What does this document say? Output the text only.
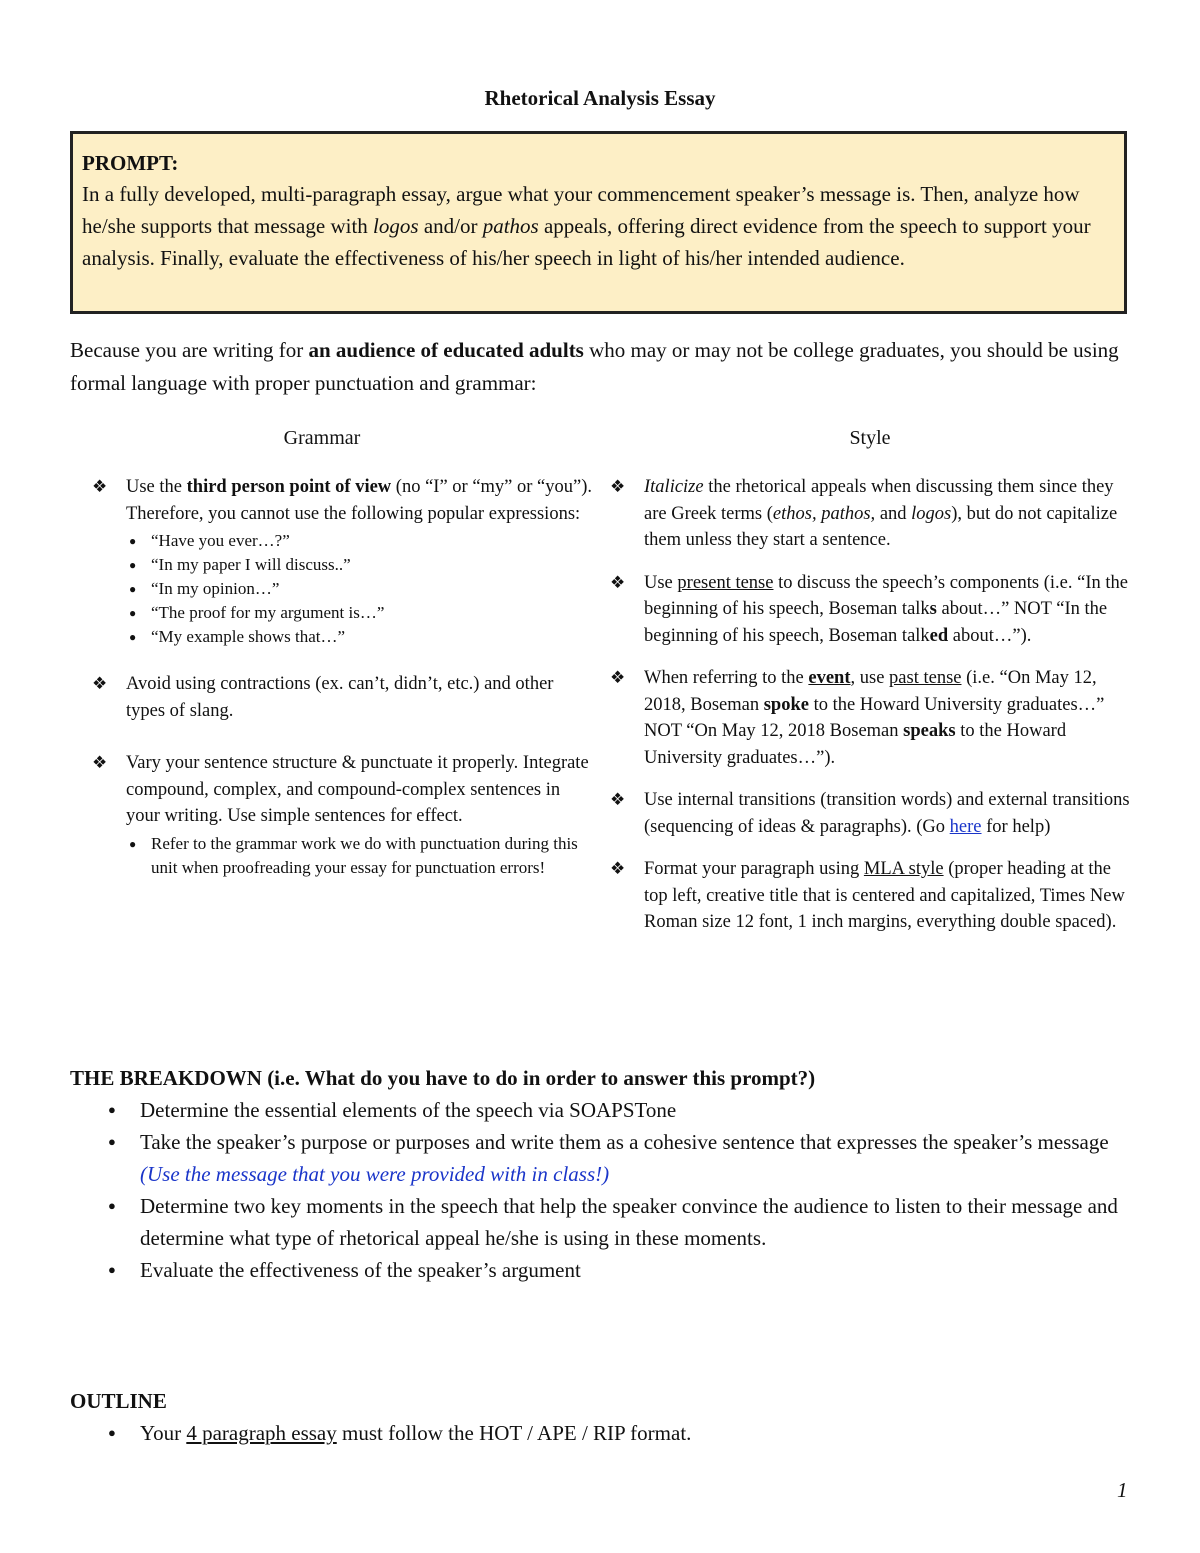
Rhetorical Analysis Essay
PROMPT:
In a fully developed, multi-paragraph essay, argue what your commencement speaker’s message is. Then, analyze how he/she supports that message with logos and/or pathos appeals, offering direct evidence from the speech to support your analysis. Finally, evaluate the effectiveness of his/her speech in light of his/her intended audience.
Because you are writing for an audience of educated adults who may or may not be college graduates, you should be using formal language with proper punctuation and grammar:
Grammar
❖ Use the third person point of view (no “I” or “my” or “you”). Therefore, you cannot use the following popular expressions:
● “Have you ever…?”
● “In my paper I will discuss..”
● “In my opinion…”
● “The proof for my argument is…”
● “My example shows that…”
❖ Avoid using contractions (ex. can’t, didn’t, etc.) and other types of slang.
❖ Vary your sentence structure & punctuate it properly. Integrate compound, complex, and compound-complex sentences in your writing. Use simple sentences for effect.
● Refer to the grammar work we do with punctuation during this unit when proofreading your essay for punctuation errors!
Style
❖ Italicize the rhetorical appeals when discussing them since they are Greek terms (ethos, pathos, and logos), but do not capitalize them unless they start a sentence.
❖ Use present tense to discuss the speech’s components (i.e. “In the beginning of his speech, Boseman talks about…” NOT “In the beginning of his speech, Boseman talked about…”).
❖ When referring to the event, use past tense (i.e. “On May 12, 2018, Boseman spoke to the Howard University graduates…” NOT “On May 12, 2018 Boseman speaks to the Howard University graduates…”).
❖ Use internal transitions (transition words) and external transitions (sequencing of ideas & paragraphs). (Go here for help)
❖ Format your paragraph using MLA style (proper heading at the top left, creative title that is centered and capitalized, Times New Roman size 12 font, 1 inch margins, everything double spaced).
THE BREAKDOWN (i.e. What do you have to do in order to answer this prompt?)
● Determine the essential elements of the speech via SOAPSTone
● Take the speaker’s purpose or purposes and write them as a cohesive sentence that expresses the speaker’s message (Use the message that you were provided with in class!)
● Determine two key moments in the speech that help the speaker convince the audience to listen to their message and determine what type of rhetorical appeal he/she is using in these moments.
● Evaluate the effectiveness of the speaker’s argument
OUTLINE
● Your 4 paragraph essay must follow the HOT / APE / RIP format.
1
